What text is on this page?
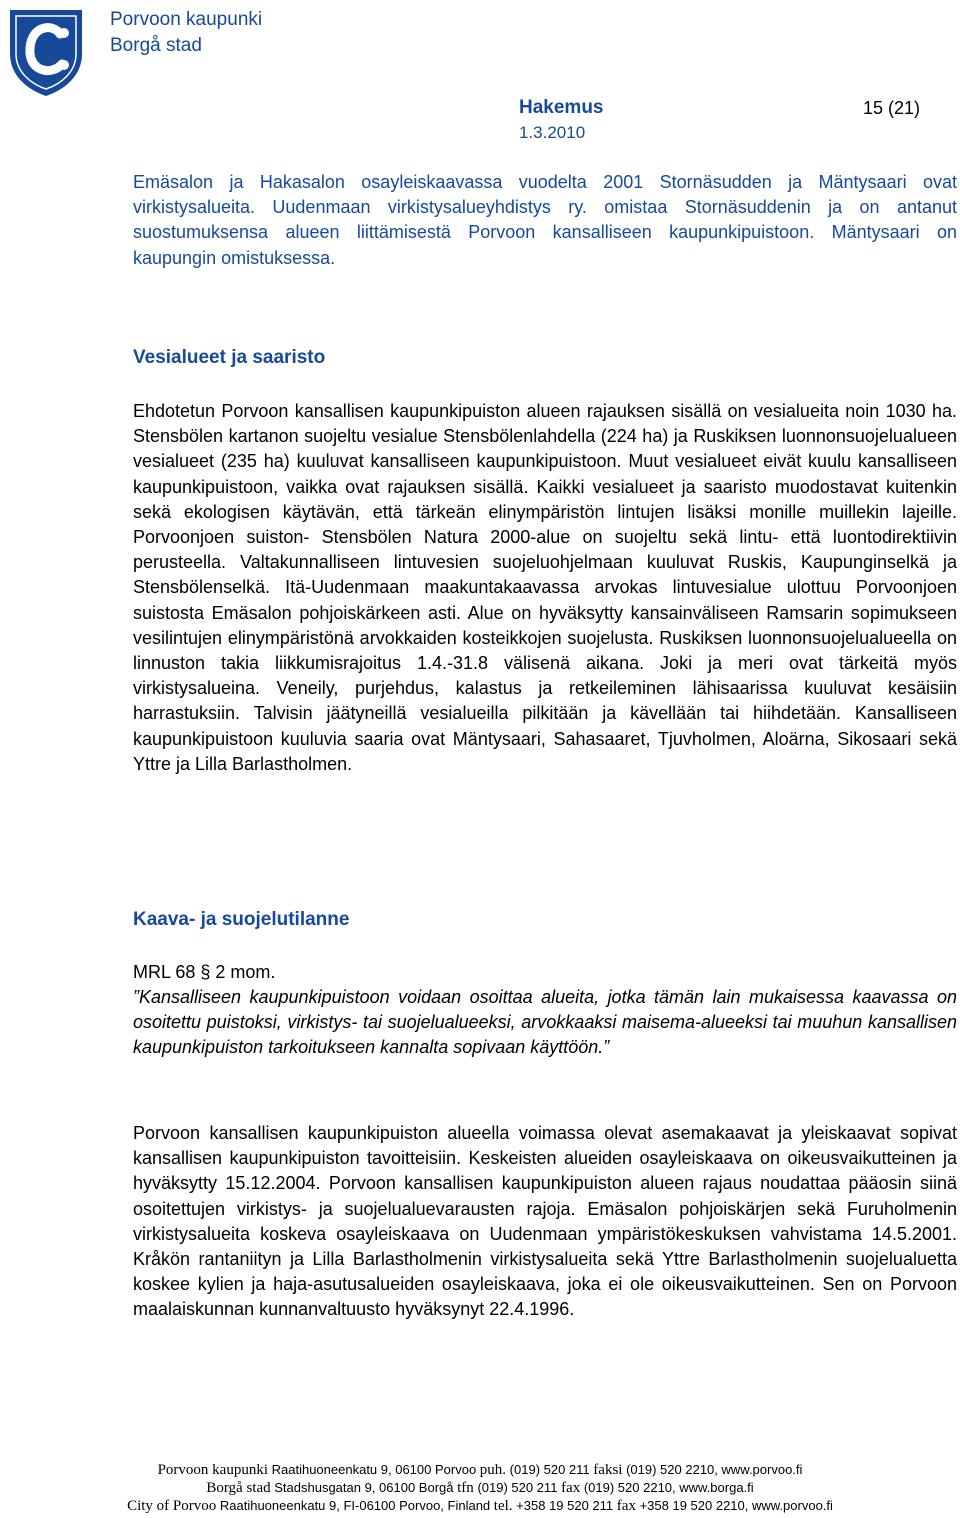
Porvoon kaupunki
Borgå stad
Hakemus
1.3.2010
15 (21)
Emäsalon ja Hakasalon osayleiskaavassa vuodelta 2001 Stornäsudden ja Mäntysaari ovat virkistysalueita. Uudenmaan virkistysalueyhdistys ry. omistaa Stornäsuddenin ja on antanut suostumuksensa alueen liittämisestä Porvoon kansalliseen kaupunkipuistoon. Mäntysaari on kaupungin omistuksessa.
Vesialueet ja saaristo
Ehdotetun Porvoon kansallisen kaupunkipuiston alueen rajauksen sisällä on vesialueita noin 1030 ha. Stensbölen kartanon suojeltu vesialue Stensbölenlahdella (224 ha) ja Ruskiksen luonnonsuojelualueen vesialueet (235 ha) kuuluvat kansalliseen kaupunkipuistoon. Muut vesialueet eivät kuulu kansalliseen kaupunkipuistoon, vaikka ovat rajauksen sisällä. Kaikki vesialueet ja saaristo muodostavat kuitenkin sekä ekologisen käytävän, että tärkeän elinympäristön lintujen lisäksi monille muillekin lajeille. Porvoonjoen suiston- Stensbölen Natura 2000-alue on suojeltu sekä lintu- että luontodirektiivin perusteella. Valtakunnalliseen lintuvesien suojeluohjelmaan kuuluvat Ruskis, Kaupunginselkä ja Stensbölenselkä. Itä-Uudenmaan maakuntakaavassa arvokas lintuvesialue ulottuu Porvoonjoen suistosta Emäsalon pohjoiskärkeen asti. Alue on hyväksytty kansainväliseen Ramsarin sopimukseen vesilintujen elinympäristönä arvokkaiden kosteikkojen suojelusta. Ruskiksen luonnonsuojelualueella on linnuston takia liikkumisrajoitus 1.4.-31.8 välisenä aikana. Joki ja meri ovat tärkeitä myös virkistysalueina. Veneily, purjehdus, kalastus ja retkeileminen lähisaarissa kuuluvat kesäisiin harrastuksiin. Talvisin jäätyneillä vesialueilla pilkitään ja kävellään tai hiihdetään. Kansalliseen kaupunkipuistoon kuuluvia saaria ovat Mäntysaari, Sahasaaret, Tjuvholmen, Aloärna, Sikosaari sekä Yttre ja Lilla Barlastholmen.
Kaava- ja suojelutilanne
MRL 68 § 2 mom.
”Kansalliseen kaupunkipuistoon voidaan osoittaa alueita, jotka tämän lain mukaisessa kaavassa on osoitettu puistoksi, virkistys- tai suojelualueeksi, arvokkaaksi maisema-alueeksi tai muuhun kansallisen kaupunkipuiston tarkoitukseen kannalta sopivaan käyttöön.”
Porvoon kansallisen kaupunkipuiston alueella voimassa olevat asemakaavat ja yleiskaavat sopivat kansallisen kaupunkipuiston tavoitteisiin. Keskeisten alueiden osayleiskaava on oikeusvaikutteinen ja hyväksytty 15.12.2004. Porvoon kansallisen kaupunkipuiston alueen rajaus noudattaa pääosin siinä osoitettujen virkistys- ja suojelualuevarausten rajoja. Emäsalon pohjoiskärjen sekä Furuholmenin virkistysalueita koskeva osayleiskaava on Uudenmaan ympäristökeskuksen vahvistama 14.5.2001. Kråkön rantaniityn ja Lilla Barlastholmenin virkistysalueita sekä Yttre Barlastholmenin suojelualuetta koskee kylien ja haja-asutusalueiden osayleiskaava, joka ei ole oikeusvaikutteinen. Sen on Porvoon maalaiskunnan kunnanvaltuusto hyväksynyt 22.4.1996.
Porvoon kaupunki Raatihuoneenkatu 9, 06100 Porvoo puh. (019) 520 211 faksi (019) 520 2210, www.porvoo.fi
Borgå stad Stadshusgatan 9, 06100 Borgå tfn (019) 520 211 fax (019) 520 2210, www.borga.fi
City of Porvoo Raatihuoneenkatu 9, FI-06100 Porvoo, Finland tel. +358 19 520 211 fax +358 19 520 2210, www.porvoo.fi
